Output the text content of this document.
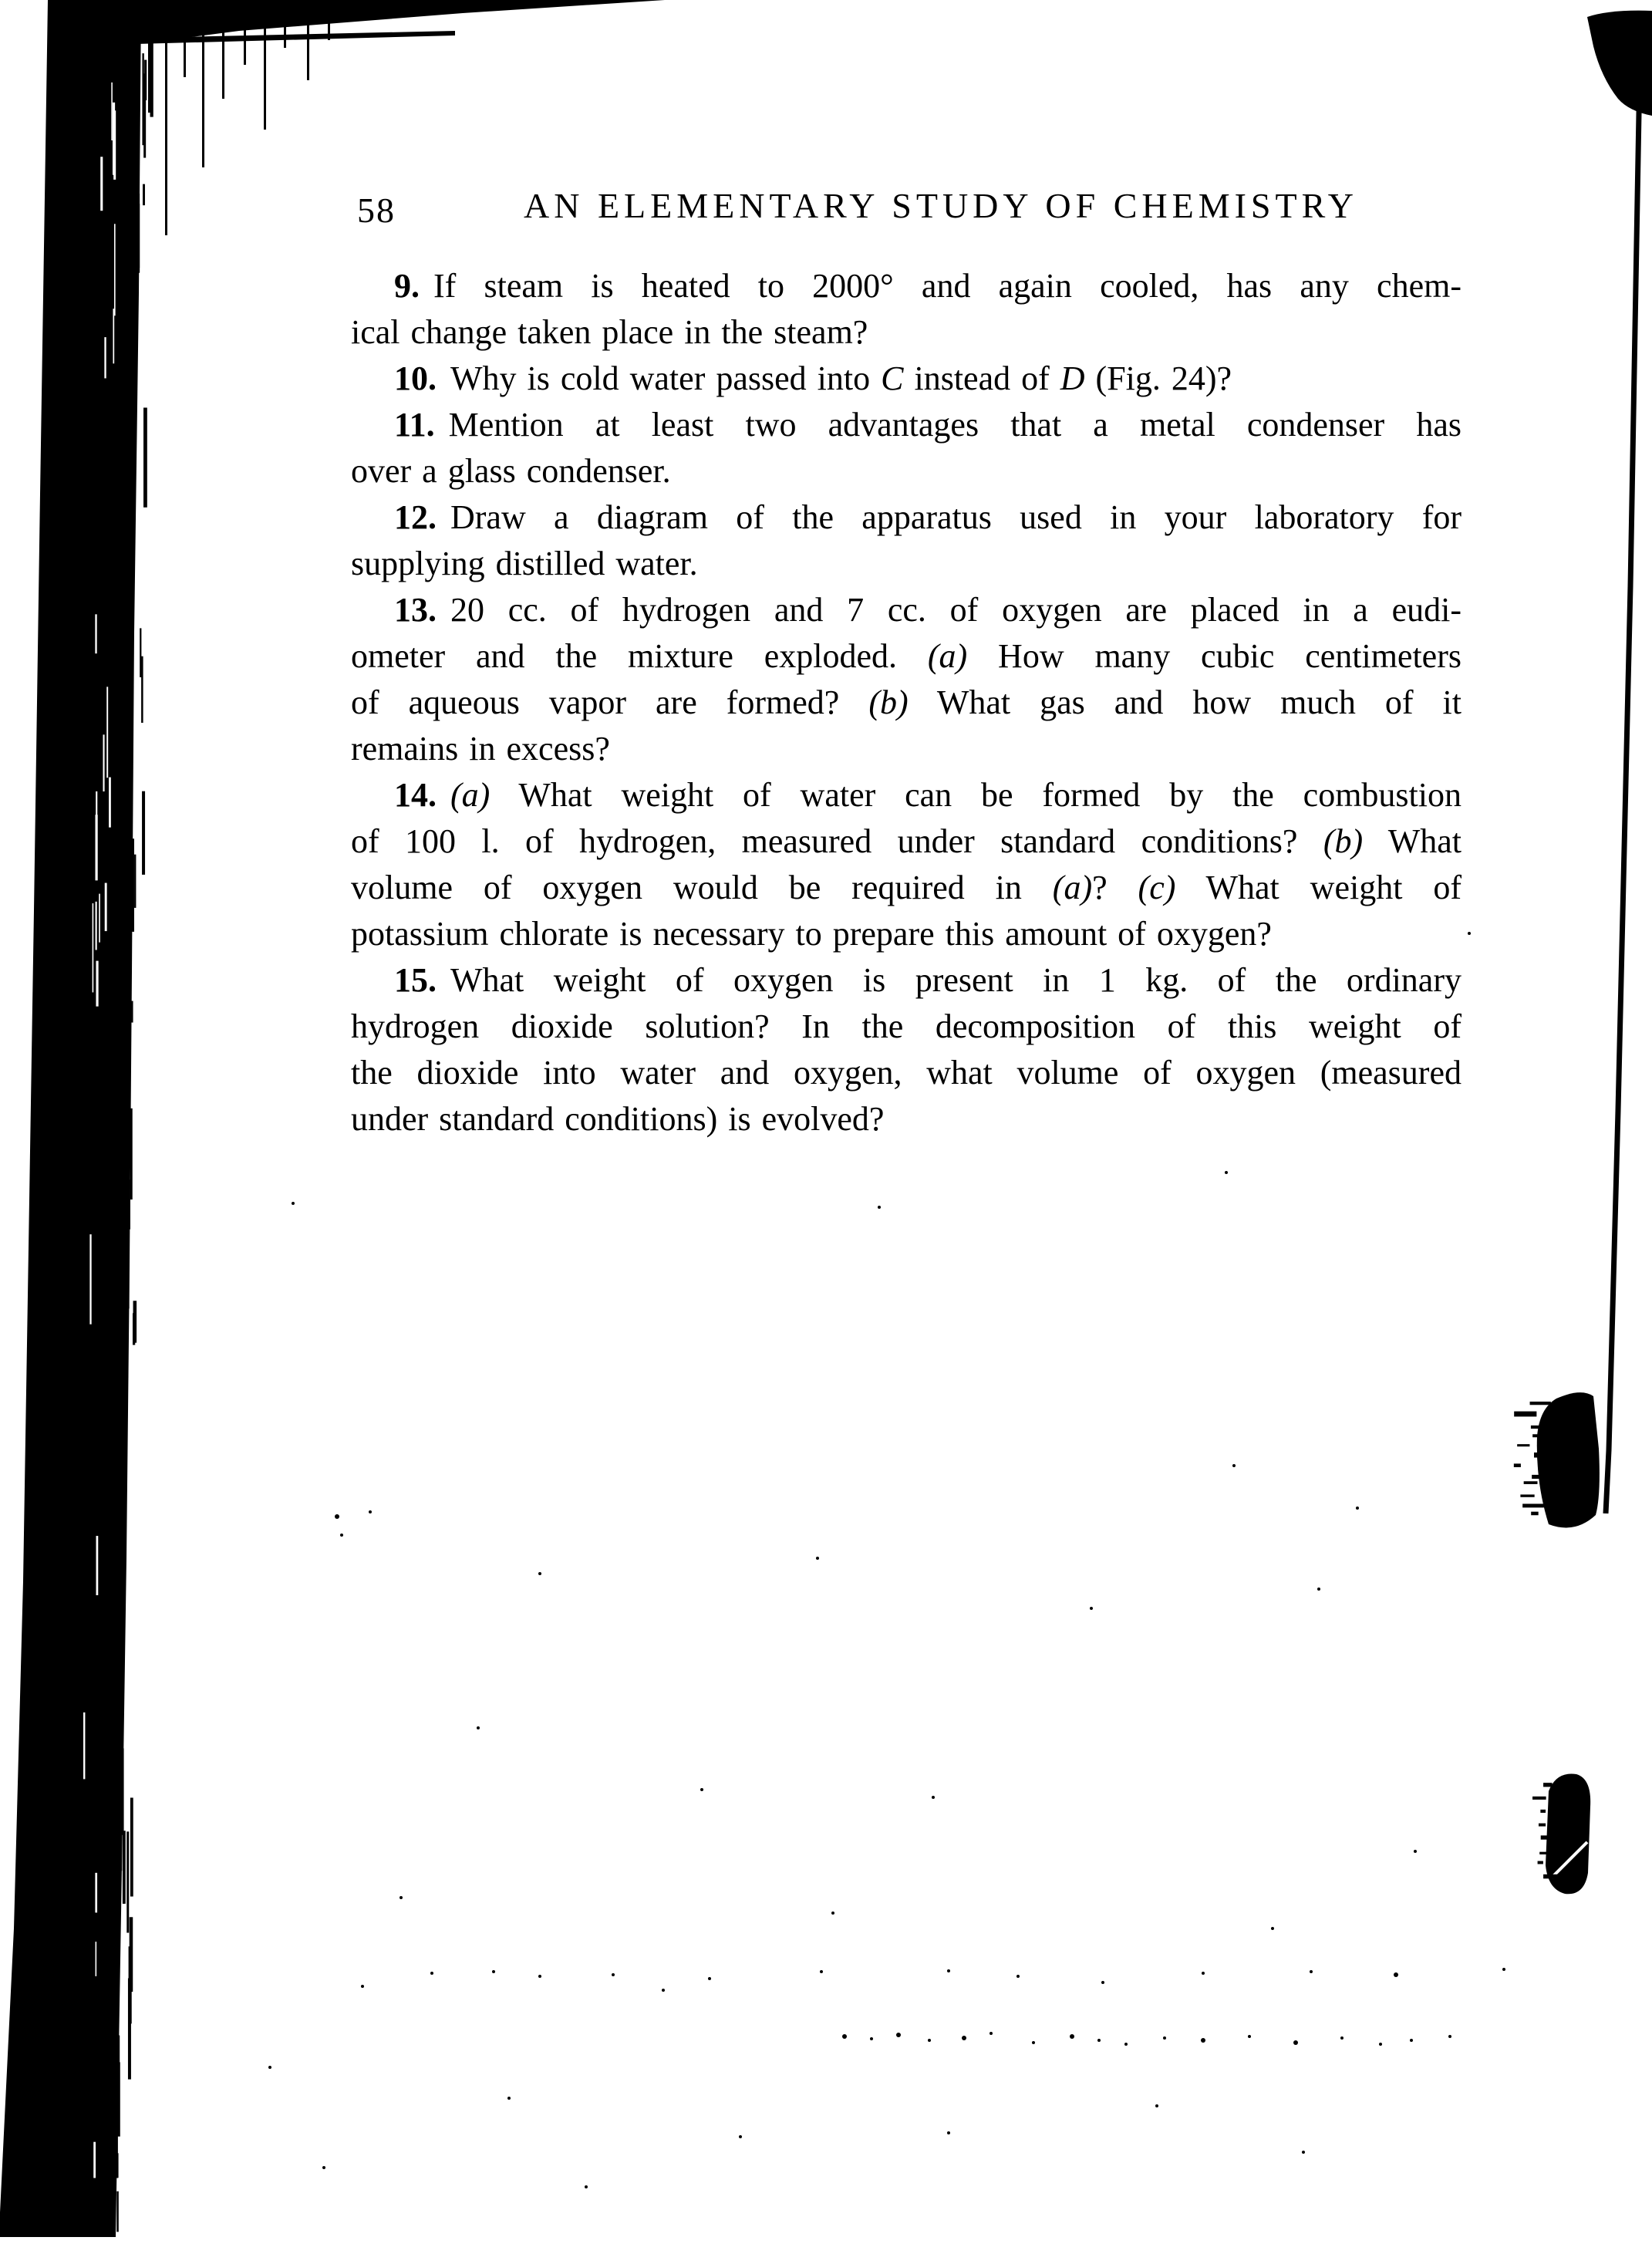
58	AN ELEMENTARY STUDY OF CHEMISTRY
9. If steam is heated to 2000° and again cooled, has any chem-
ical change taken place in the steam?
10. Why is cold water passed into C instead of D (Fig. 24)?
11. Mention at least two advantages that a metal condenser has
over a glass condenser.
12. Draw a diagram of the apparatus used in your laboratory for
supplying distilled water.
13. 20 cc. of hydrogen and 7 cc. of oxygen are placed in a eudi-
ometer and the mixture exploded. (a) How many cubic centimeters
of aqueous vapor are formed? (b) What gas and how much of it
remains in excess?
14. (a) What weight of water can be formed by the combustion
of 100 l. of hydrogen, measured under standard conditions? (b) What
volume of oxygen would be required in (a)? (c) What weight of
potassium chlorate is necessary to prepare this amount of oxygen?
15. What weight of oxygen is present in 1 kg. of the ordinary
hydrogen dioxide solution? In the decomposition of this weight of
the dioxide into water and oxygen, what volume of oxygen (measured
under standard conditions) is evolved?
